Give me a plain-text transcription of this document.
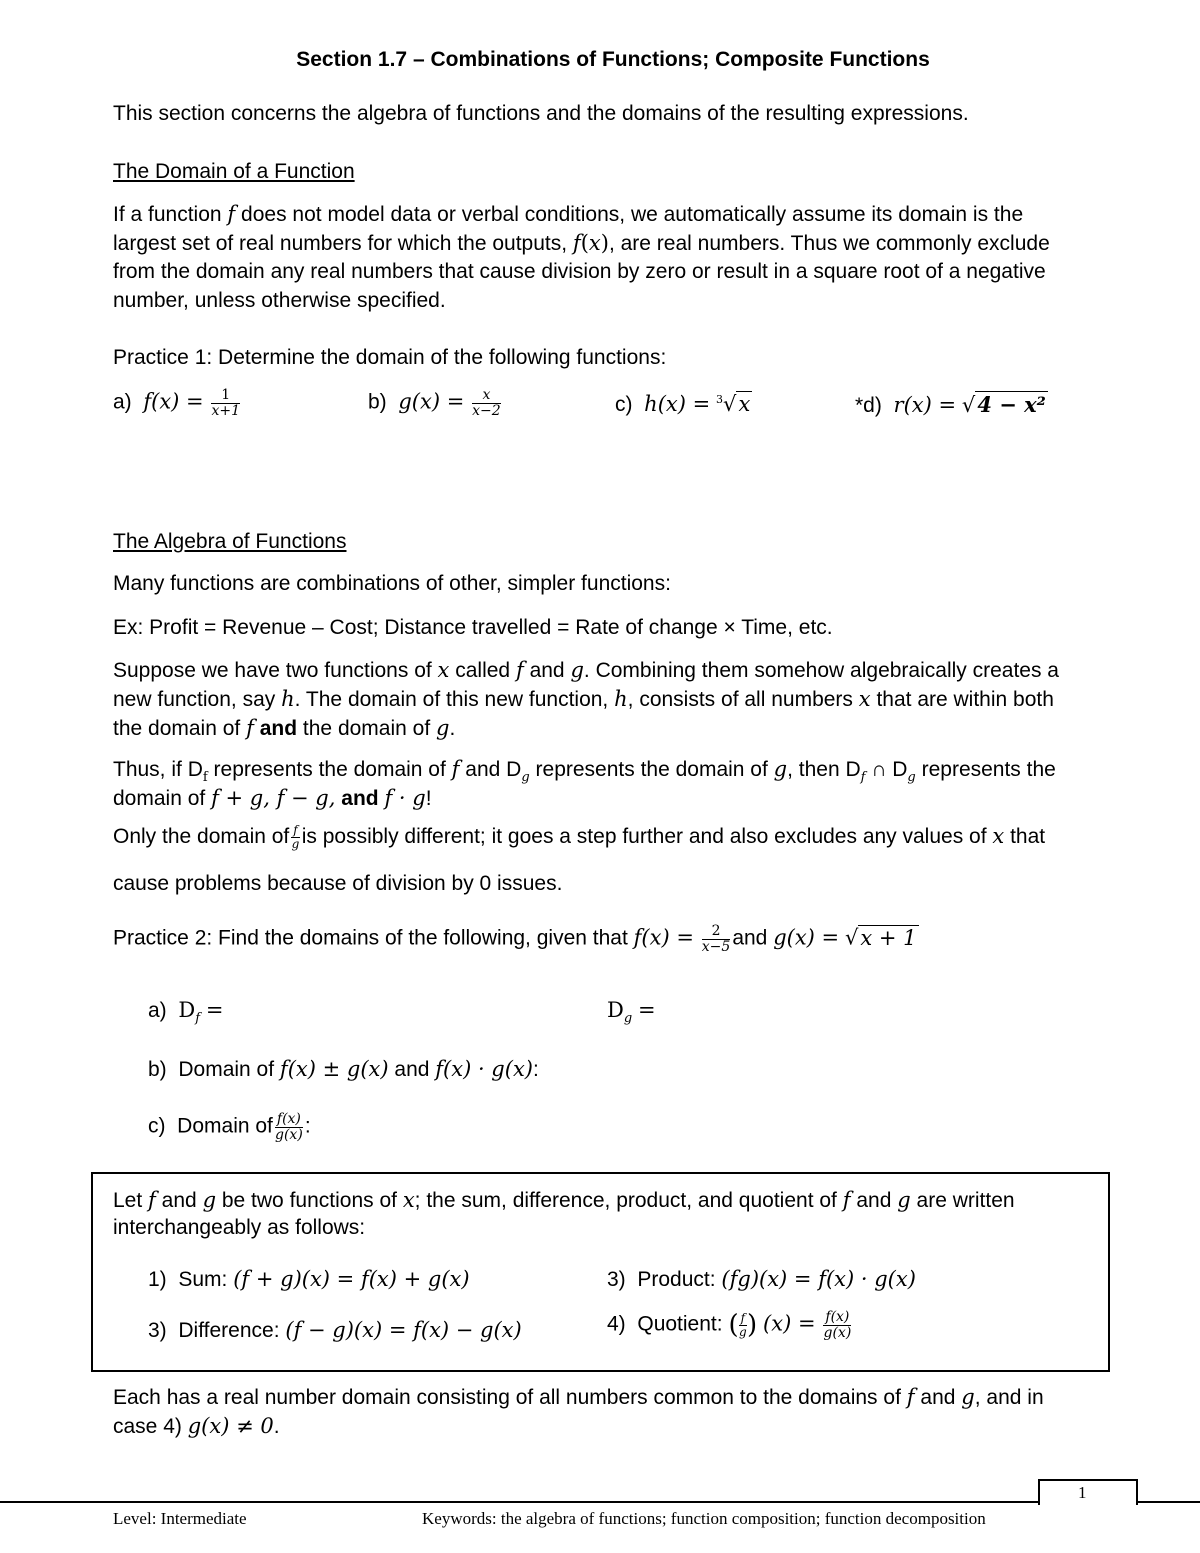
Section 1.7 – Combinations of Functions; Composite Functions
This section concerns the algebra of functions and the domains of the resulting expressions.
The Domain of a Function
If a function f does not model data or verbal conditions, we automatically assume its domain is the
largest set of real numbers for which the outputs, f(x), are real numbers. Thus we commonly exclude
from the domain any real numbers that cause division by zero or result in a square root of a negative
number, unless otherwise specified.
Practice 1: Determine the domain of the following functions:
a) $f(x) = \frac{1}{x+1}$	b) $g(x) = \frac{x}{x-2}$	c) h(x) = $^3$√x	*d) r(x) = √4 − x²
The Algebra of Functions
Many functions are combinations of other, simpler functions:
Ex: Profit = Revenue – Cost; Distance travelled = Rate of change × Time, etc.
Suppose we have two functions of x called f and g. Combining them somehow algebraically creates a
new function, say h. The domain of this new function, h, consists of all numbers x that are within both
the domain of f and the domain of g.
Thus, if $D_f$ represents the domain of f and $D_g$ represents the domain of g, then $D_f$ ∩ $D_g$ represents the
domain of f + g, f − g, and f · g!
Only the domain of $\frac{f}{g}$ is possibly different; it goes a step further and also excludes any values of x that
cause problems because of division by 0 issues.
Practice 2: Find the domains of the following, given that $f(x) = \frac{2}{x-5}$ and g(x) = √x + 1
a) $D_f$ =	$D_g$ =
b) Domain of f(x) ± g(x) and f(x) · g(x):
c) Domain of $\frac{f(x)}{g(x)}$ :
Let f and g be two functions of x; the sum, difference, product, and quotient of f and g are written
interchangeably as follows:
1) Sum: (f + g)(x) = f(x) + g(x)
3) Difference: (f − g)(x) = f(x) − g(x)
3) Product: (fg)(x) = f(x) · g(x)
4) Quotient: ( $\frac{f}{g}$ ) $(x) = \frac{f(x)}{g(x)}$
Each has a real number domain consisting of all numbers common to the domains of f and g, and in
case 4) g(x) ≠ 0.
1
Level: Intermediate	Keywords: the algebra of functions; function composition; function decomposition
